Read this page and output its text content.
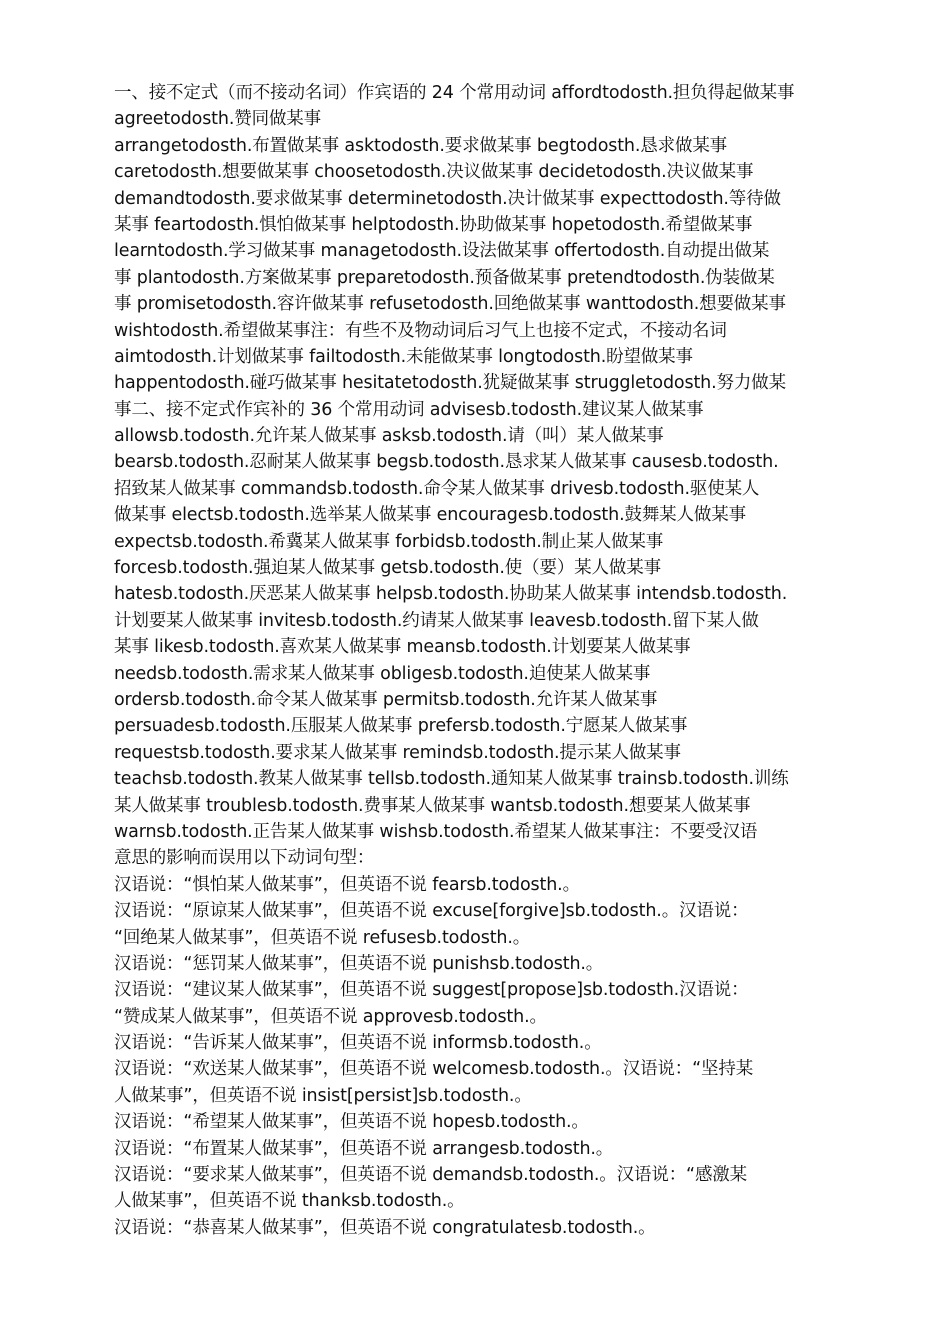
一、接不定式（而不接动名词）作宾语的 24 个常用动词 affordtodosth.担负得起做某事
agreetodosth.赞同做某事
arrangetodosth.布置做某事 asktodosth.要求做某事 begtodosth.恳求做某事
caretodosth.想要做某事 choosetodosth.决议做某事 decidetodosth.决议做某事
demandtodosth.要求做某事 determinetodosth.决计做某事 expecttodosth.等待做
某事 feartodosth.惧怕做某事 helptodosth.协助做某事 hopetodosth.希望做某事
learntodosth.学习做某事 managetodosth.设法做某事 offertodosth.自动提出做某
事 plantodosth.方案做某事 preparetodosth.预备做某事 pretendtodosth.伪装做某
事 promisetodosth.容许做某事 refusetodosth.回绝做某事 wanttodosth.想要做某事
wishtodosth.希望做某事注：有些不及物动词后习气上也接不定式，不接动名词
aimtodosth.计划做某事 failtodosth.未能做某事 longtodosth.盼望做某事
happentodosth.碰巧做某事 hesitatetodosth.犹疑做某事 struggletodosth.努力做某
事二、接不定式作宾补的 36 个常用动词 advisesb.todosth.建议某人做某事
allowsb.todosth.允许某人做某事 asksb.todosth.请（叫）某人做某事
bearsb.todosth.忍耐某人做某事 begsb.todosth.恳求某人做某事 causesb.todosth.
招致某人做某事 commandsb.todosth.命令某人做某事 drivesb.todosth.驱使某人
做某事 electsb.todosth.选举某人做某事 encouragesb.todosth.鼓舞某人做某事
expectsb.todosth.希冀某人做某事 forbidsb.todosth.制止某人做某事
forcesb.todosth.强迫某人做某事 getsb.todosth.使（要）某人做某事
hatesb.todosth.厌恶某人做某事 helpsb.todosth.协助某人做某事 intendsb.todosth.
计划要某人做某事 invitesb.todosth.约请某人做某事 leavesb.todosth.留下某人做
某事 likesb.todosth.喜欢某人做某事 meansb.todosth.计划要某人做某事
needsb.todosth.需求某人做某事 obligesb.todosth.迫使某人做某事
ordersb.todosth.命令某人做某事 permitsb.todosth.允许某人做某事
persuadesb.todosth.压服某人做某事 prefersb.todosth.宁愿某人做某事
requestsb.todosth.要求某人做某事 remindsb.todosth.提示某人做某事
teachsb.todosth.教某人做某事 tellsb.todosth.通知某人做某事 trainsb.todosth.训练
某人做某事 troublesb.todosth.费事某人做某事 wantsb.todosth.想要某人做某事
warnsb.todosth.正告某人做某事 wishsb.todosth.希望某人做某事注：不要受汉语
意思的影响而误用以下动词句型：
汉语说：“惧怕某人做某事”，但英语不说 fearsb.todosth.。
汉语说：“原谅某人做某事”，但英语不说 excuse[forgive]sb.todosth.。汉语说：
“回绝某人做某事”，但英语不说 refusesb.todosth.。
汉语说：“惩罚某人做某事”，但英语不说 punishsb.todosth.。
汉语说：“建议某人做某事”，但英语不说 suggest[propose]sb.todosth.汉语说：
“赞成某人做某事”，但英语不说 approvesb.todosth.。
汉语说：“告诉某人做某事”，但英语不说 informsb.todosth.。
汉语说：“欢送某人做某事”，但英语不说 welcomesb.todosth.。汉语说：“坚持某
人做某事”，但英语不说 insist[persist]sb.todosth.。
汉语说：“希望某人做某事”，但英语不说 hopesb.todosth.。
汉语说：“布置某人做某事”，但英语不说 arrangesb.todosth.。
汉语说：“要求某人做某事”，但英语不说 demandsb.todosth.。汉语说：“感激某
人做某事”，但英语不说 thanksb.todosth.。
汉语说：“恭喜某人做某事”，但英语不说 congratulatesb.todosth.。
